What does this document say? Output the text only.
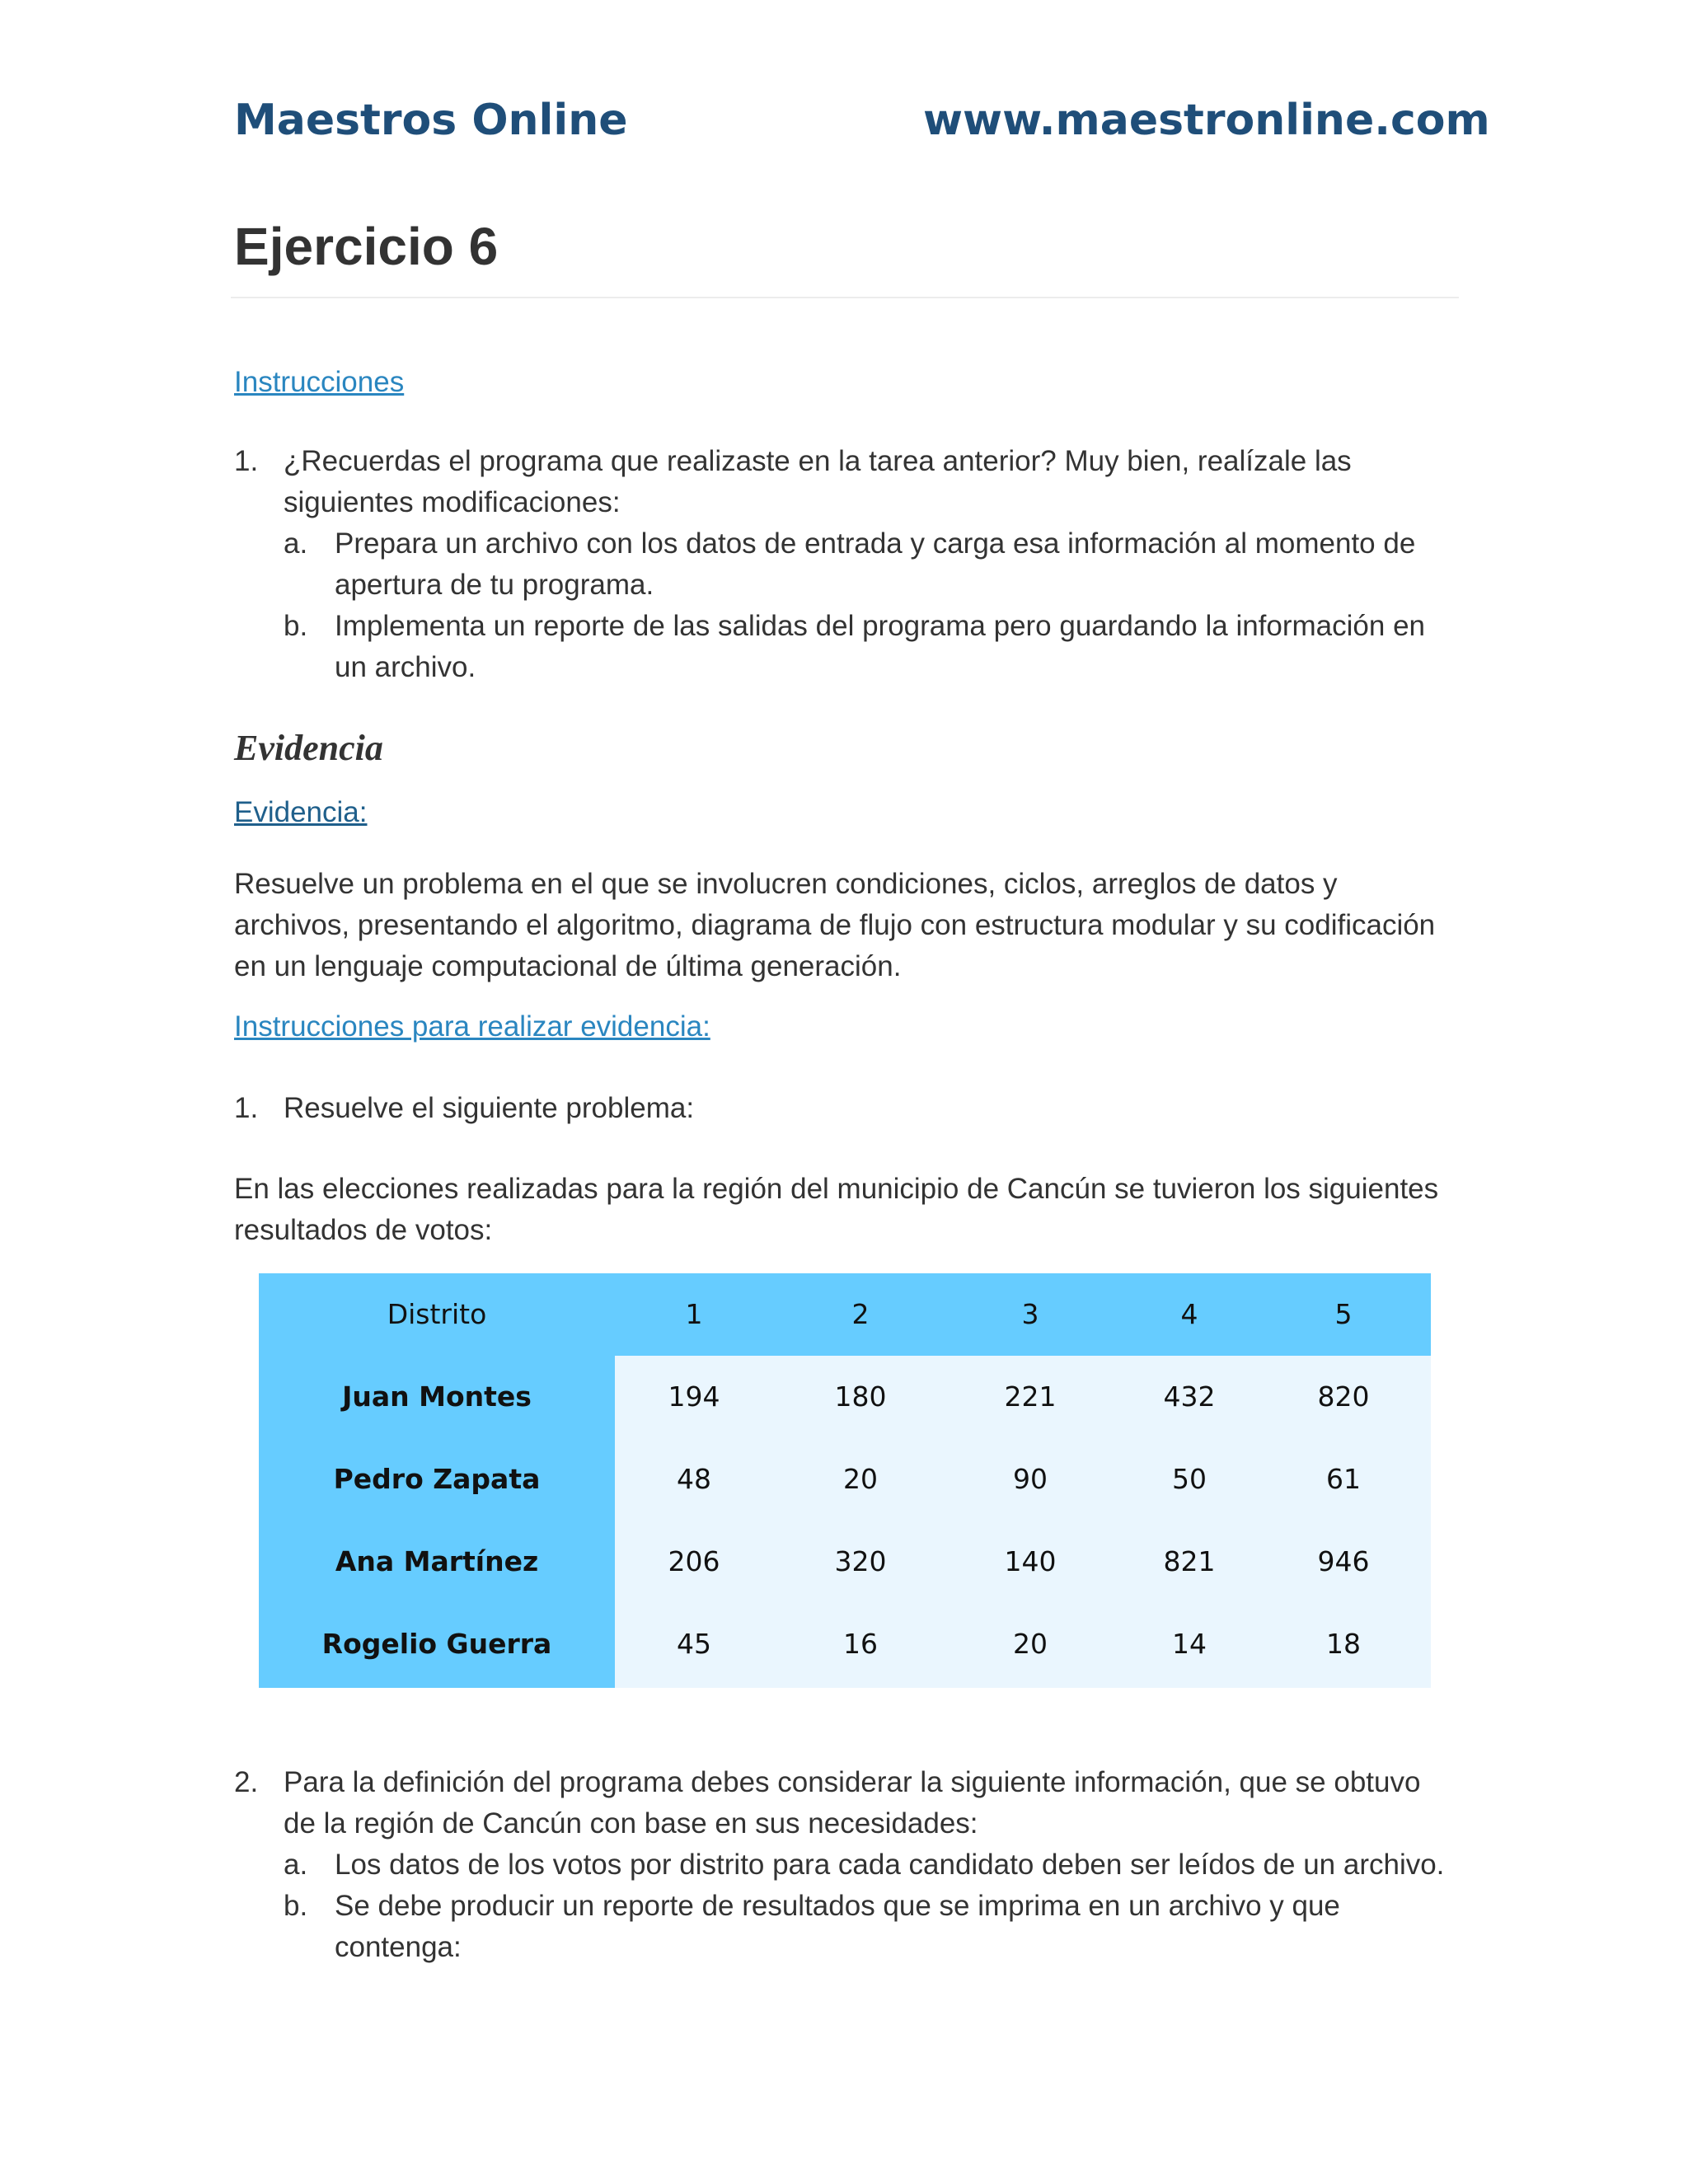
Maestros Online	www.maestronline.com
Ejercicio 6
Instrucciones
1. ¿Recuerdas el programa que realizaste en la tarea anterior? Muy bien, realízale las
siguientes modificaciones:
a. Prepara un archivo con los datos de entrada y carga esa información al momento de
apertura de tu programa.
b. Implementa un reporte de las salidas del programa pero guardando la información en
un archivo.
Evidencia
Evidencia:
Resuelve un problema en el que se involucren condiciones, ciclos, arreglos de datos y
archivos, presentando el algoritmo, diagrama de flujo con estructura modular y su codificación
en un lenguaje computacional de última generación.
Instrucciones para realizar evidencia:
1. Resuelve el siguiente problema:
En las elecciones realizadas para la región del municipio de Cancún se tuvieron los siguientes
resultados de votos:
Distrito	1	2	3	4	5
Juan Montes	194	180	221	432	820
Pedro Zapata	48	20	90	50	61
Ana Martínez	206	320	140	821	946
Rogelio Guerra	45	16	20	14	18
2. Para la definición del programa debes considerar la siguiente información, que se obtuvo
de la región de Cancún con base en sus necesidades:
a. Los datos de los votos por distrito para cada candidato deben ser leídos de un archivo.
b. Se debe producir un reporte de resultados que se imprima en un archivo y que
contenga:
